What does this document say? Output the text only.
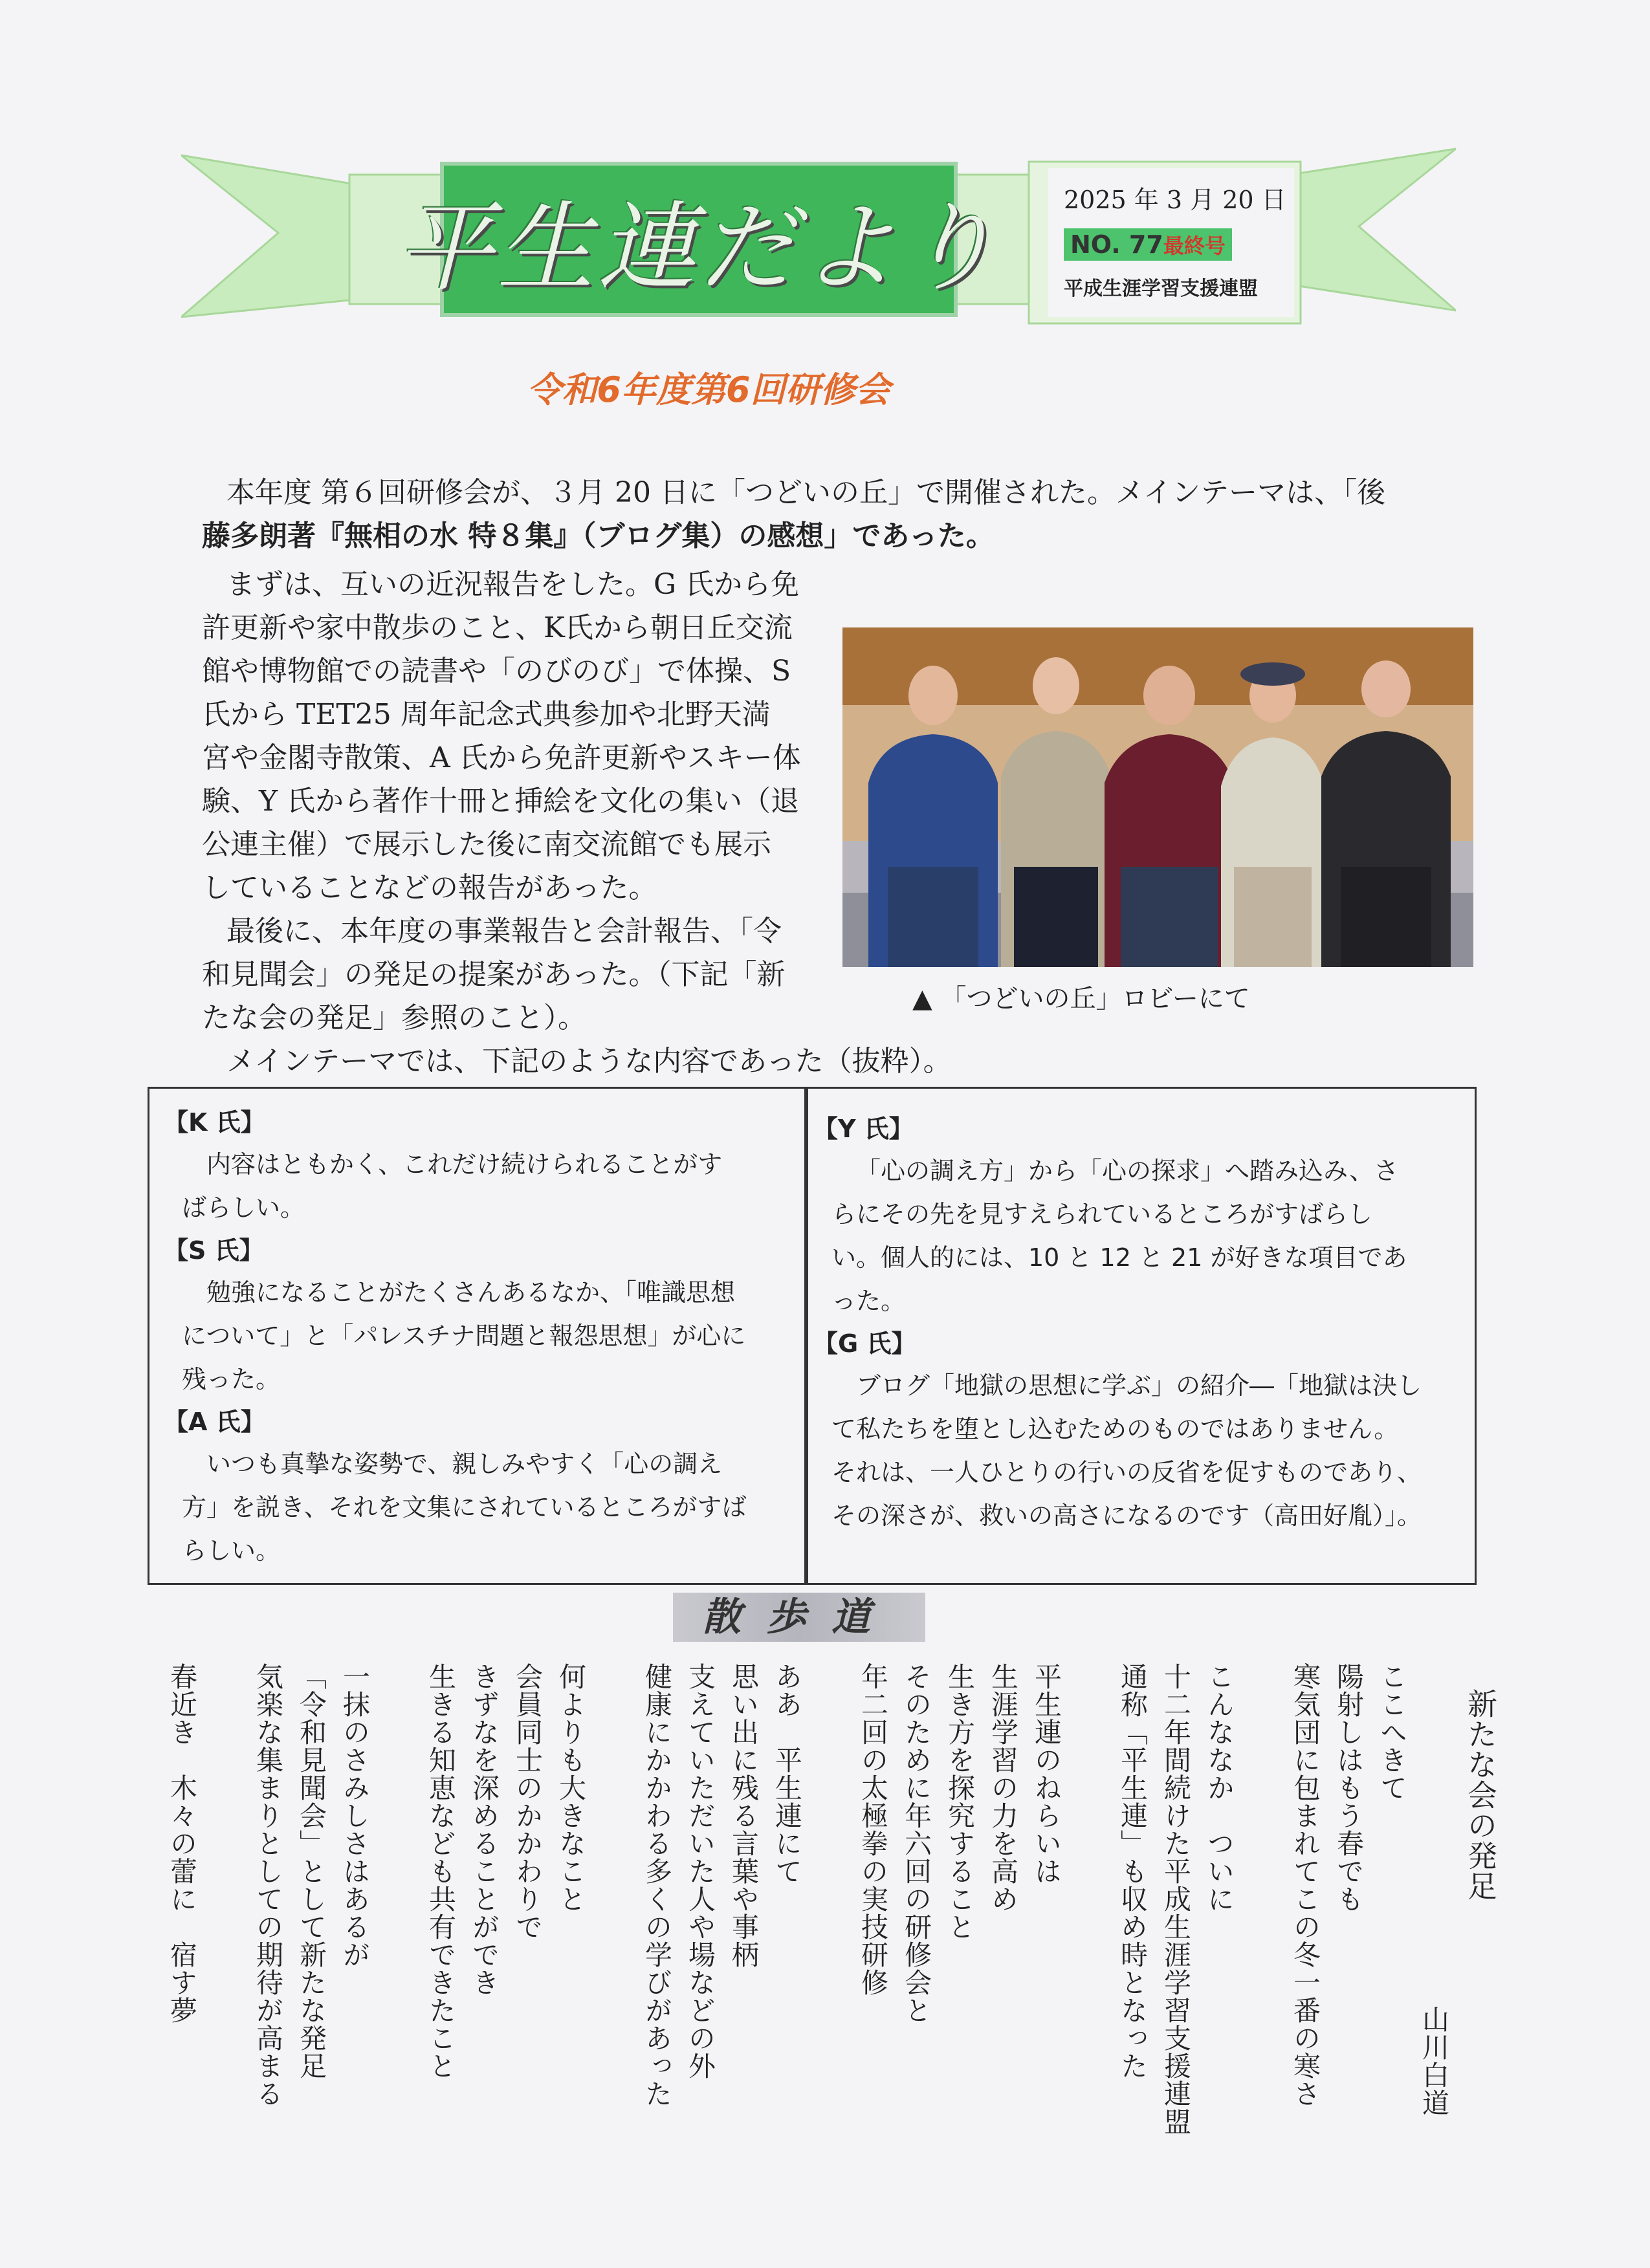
平生連だより	2025 年 3 月 20 日
NO. 77最終号
平成生涯学習支援連盟
令和6年度第6回研修会
本年度 第６回研修会が、３月 20 日に「つどいの丘」で開催された。メインテーマは、「後
藤多朗著『無相の水 特８集』（ブログ集）の感想」であった。
まずは、互いの近況報告をした。G 氏から免
許更新や家中散歩のこと、K氏から朝日丘交流
館や博物館での読書や「のびのび」で体操、S
氏から TET25 周年記念式典参加や北野天満
宮や金閣寺散策、A 氏から免許更新やスキー体
験、Y 氏から著作十冊と挿絵を文化の集い（退
公連主催）で展示した後に南交流館でも展示
していることなどの報告があった。
最後に、本年度の事業報告と会計報告、「令
和見聞会」の発足の提案があった。（下記「新
たな会の発足」参照のこと）。
メインテーマでは、下記のような内容であった（抜粋）。
▲ 「つどいの丘」ロビーにて
【K 氏】
内容はともかく、これだけ続けられることがす
ばらしい。
【S 氏】
勉強になることがたくさんあるなか、「唯識思想
について」と「パレスチナ問題と報怨思想」が心に
残った。
【A 氏】
いつも真摯な姿勢で、親しみやすく「心の調え
方」を説き、それを文集にされているところがすば
らしい。
【Y 氏】
「心の調え方」から「心の探求」へ踏み込み、さ
らにその先を見すえられているところがすばらし
い。個人的には、10 と 12 と 21 が好きな項目であ
った。
【G 氏】
ブログ「地獄の思想に学ぶ」の紹介―「地獄は決し
て私たちを堕とし込むためのものではありません。
それは、一人ひとりの行いの反省を促すものであり、
その深さが、救いの高さになるのです（高田好胤）」。
散歩道
新たな会の発足
山川白道
ここへきて
陽射しはもう春でも
寒気団に包まれてこの冬一番の寒さ
こんななか　ついに
十二年間続けた平成生涯学習支援連盟
通称「平生連」も収め時となった
平生連のねらいは
生涯学習の力を高め
生き方を探究すること
そのために年六回の研修会と
年二回の太極拳の実技研修
ああ　平生連にて
思い出に残る言葉や事柄
支えていただいた人や場などの外
健康にかかわる多くの学びがあった
何よりも大きなこと
会員同士のかかわりで
きずなを深めることができ
生きる知恵なども共有できたこと
一抹のさみしさはあるが
「令和見聞会」として新たな発足
気楽な集まりとしての期待が高まる
春近き　木々の蕾に　宿す夢
